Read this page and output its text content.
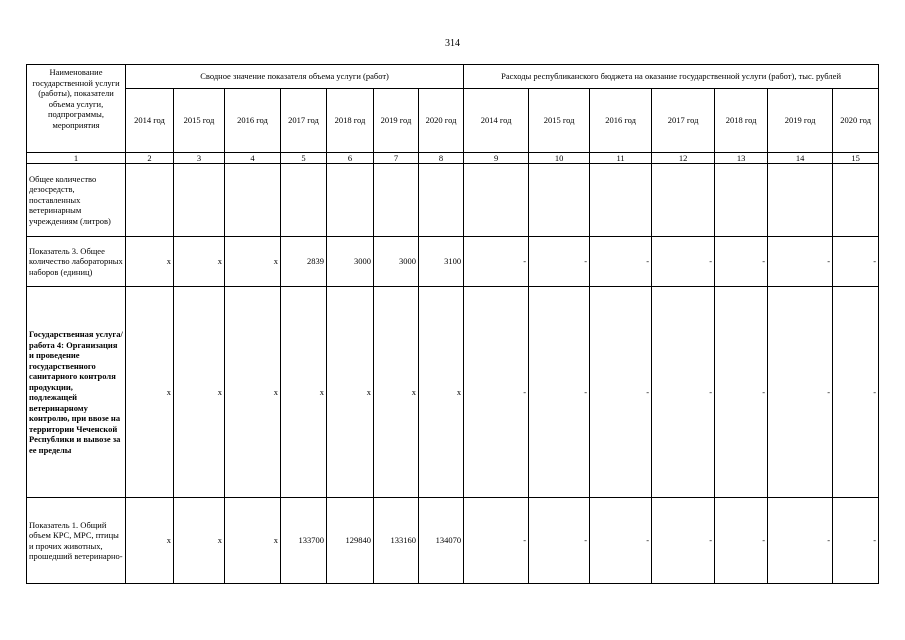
314
Наименование государственной услуги (работы), показатели объема услуги, подпрограммы, мероприятия	Сводное значение показателя объема услуги (работ)							Расходы республиканского бюджета на оказание государственной услуги (работ), тыс. рублей						
	2014 год	2015 год	2016 год	2017 год	2018 год	2019 год	2020 год	2014 год	2015 год	2016 год	2017 год	2018 год	2019 год	2020 год
1	2	3	4	5	6	7	8	9	10	11	12	13	14	15
Общее количество дезосредств, поставленных ветеринарным учреждениям (литров)														
Показатель 3. Общее количество лабораторных наборов (единиц)	x	x	x	2839	3000	3000	3100	-	-	-	-	-	-	-
Государственная услуга/работа 4: Организация и проведение государственного санитарного контроля продукции, подлежащей ветеринарному контролю, при ввозе на территории Чеченской Республики и вывозе за ее пределы	x	x	x	x	x	x	x	-	-	-	-	-	-	-
Показатель 1. Общий объем КРС, МРС, птицы и прочих животных, прошедший ветеринарно-	x	x	x	133700	129840	133160	134070	-	-	-	-	-	-	-
